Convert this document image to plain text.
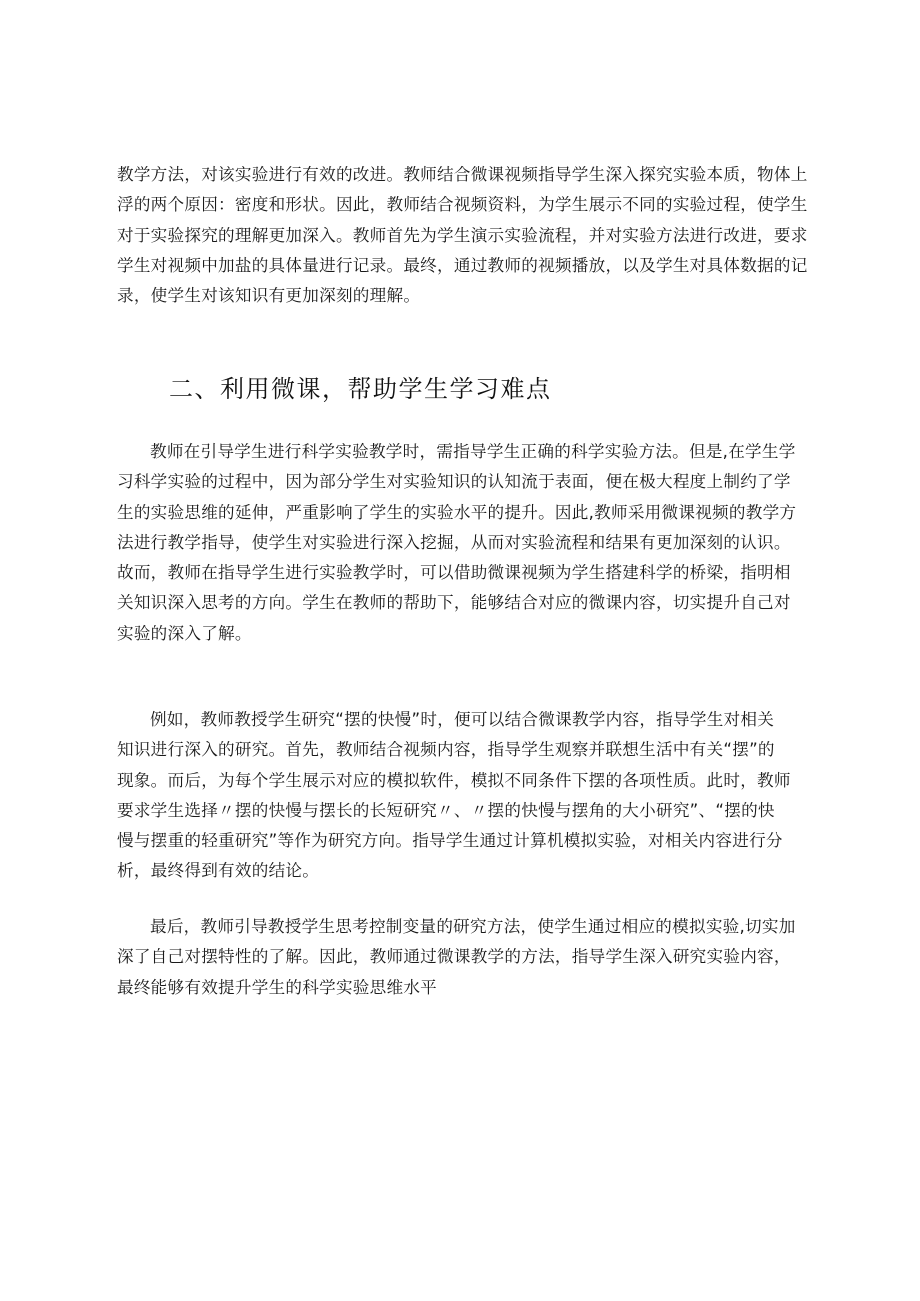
教学方法，对该实验进行有效的改进。教师结合微课视频指导学生深入探究实验本质，物体上
浮的两个原因：密度和形状。因此，教师结合视频资料，为学生展示不同的实验过程，使学生
对于实验探究的理解更加深入。教师首先为学生演示实验流程，并对实验方法进行改进，要求
学生对视频中加盐的具体量进行记录。最终，通过教师的视频播放，以及学生对具体数据的记
录，使学生对该知识有更加深刻的理解。
二、利用微课，帮助学生学习难点
教师在引导学生进行科学实验教学时，需指导学生正确的科学实验方法。但是,在学生学
习科学实验的过程中，因为部分学生对实验知识的认知流于表面，便在极大程度上制约了学
生的实验思维的延伸，严重影响了学生的实验水平的提升。因此,教师采用微课视频的教学方
法进行教学指导，使学生对实验进行深入挖掘，从而对实验流程和结果有更加深刻的认识。
故而，教师在指导学生进行实验教学时，可以借助微课视频为学生搭建科学的桥梁，指明相
关知识深入思考的方向。学生在教师的帮助下，能够结合对应的微课内容，切实提升自己对
实验的深入了解。
例如，教师教授学生研究“摆的快慢”时，便可以结合微课教学内容，指导学生对相关
知识进行深入的研究。首先，教师结合视频内容，指导学生观察并联想生活中有关“摆”的
现象。而后，为每个学生展示对应的模拟软件，模拟不同条件下摆的各项性质。此时，教师
要求学生选择〃摆的快慢与摆长的长短研究〃、〃摆的快慢与摆角的大小研究”、“摆的快
慢与摆重的轻重研究”等作为研究方向。指导学生通过计算机模拟实验，对相关内容进行分
析，最终得到有效的结论。
最后，教师引导教授学生思考控制变量的研究方法，使学生通过相应的模拟实验,切实加
深了自己对摆特性的了解。因此，教师通过微课教学的方法，指导学生深入研究实验内容，
最终能够有效提升学生的科学实验思维水平
